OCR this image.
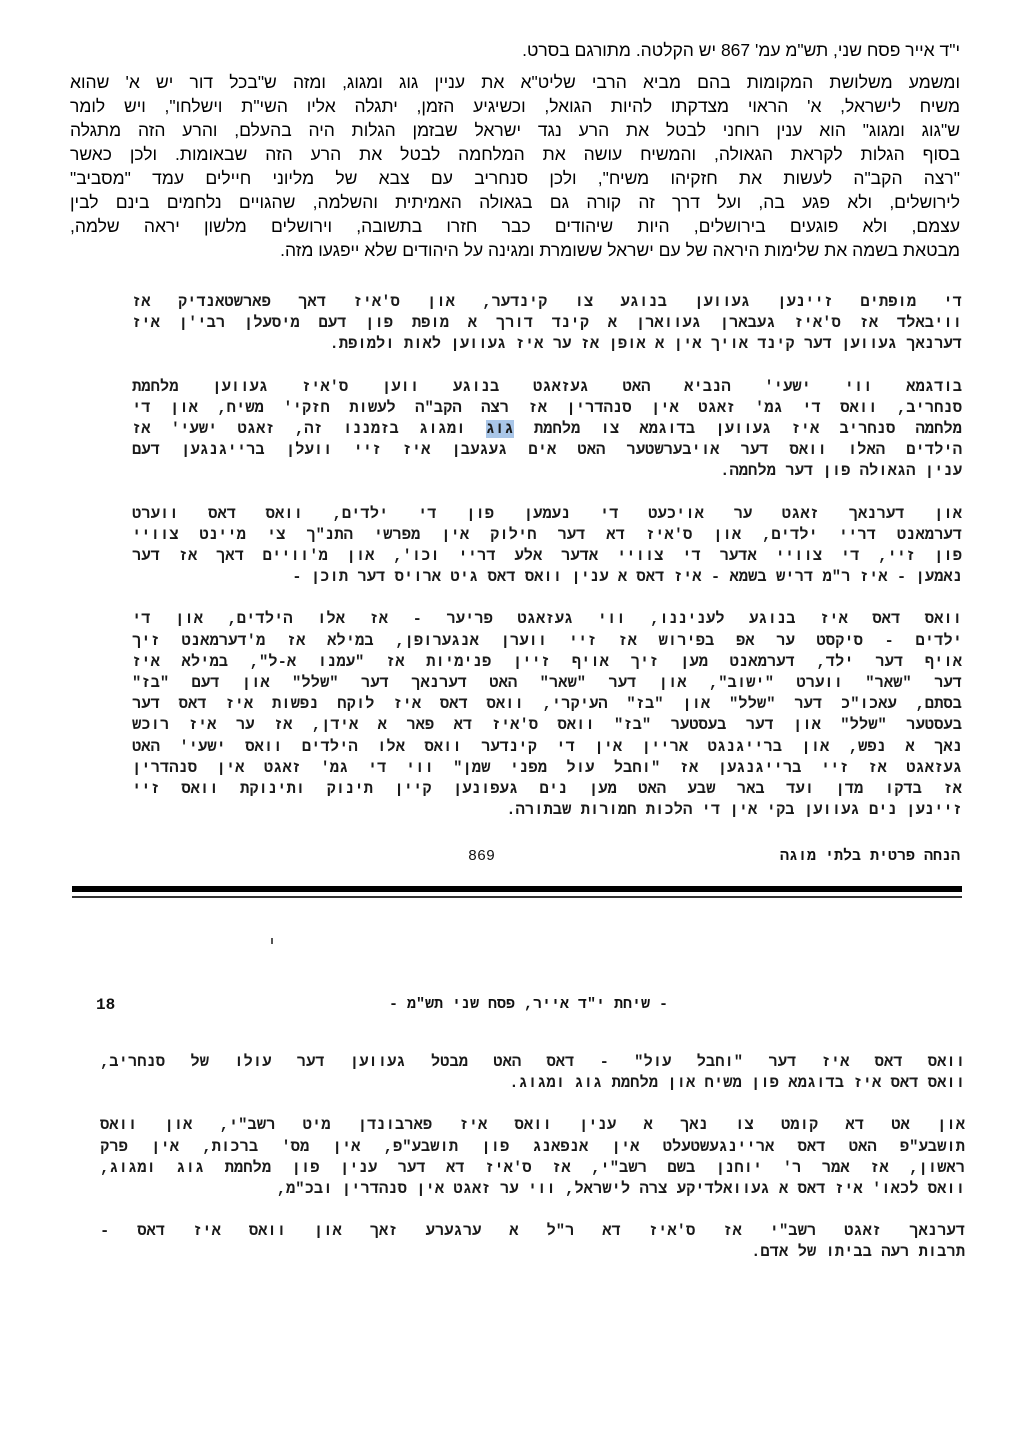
י"ד אייר פסח שני, תש"מ עמ' 867 יש הקלטה. מתורגם בסרט.
ומשמע משלושת המקומות בהם מביא הרבי שליט"א את עניין גוג ומגוג, ומזה ש"בכל דור יש א' שהוא
משיח לישראל, א' הראוי מצדקתו להיות הגואל, וכשיגיע הזמן, יתגלה אליו השי"ת וישלחו", ויש לומר
ש"גוג ומגוג" הוא ענין רוחני לבטל את הרע נגד ישראל שבזמן הגלות היה בהעלם, והרע הזה מתגלה
בסוף הגלות לקראת הגאולה, והמשיח עושה את המלחמה לבטל את הרע הזה שבאומות. ולכן כאשר
"רצה הקב"ה לעשות את חזקיהו משיח", ולכן סנחריב עם צבא של מליוני חיילים עמד "מסביב"
לירושלים, ולא פגע בה, ועל דרך זה קורה גם בגאולה האמיתית והשלמה, שהגויים נלחמים בינם לבין
עצמם, ולא פוגעים בירושלים, היות שיהודים כבר חזרו בתשובה, וירושלים מלשון יראה שלמה,
מבטאת בשמה את שלימות היראה של עם ישראל ששומרת ומגינה על היהודים שלא ייפגעו מזה.
די מופתים זיינען געווען בנוגע צו קינדער, און ס'איז דאך פארשטאנדיק אז
וויבאלד אז ס'איז געבארן געווארן א קינד דורך א מופת פון דעם מיסעלן רבי'ן איז
דערנאך געווען דער קינד אויך אין א אופן אז ער איז געווען לאות ולמופת.
בודגמא ווי ישעי' הנביא האט געזאגט בנוגע ווען ס'איז געווען מלחמת
סנחריב, וואס די גמ' זאגט אין סנהדרין אז רצה הקב"ה לעשות חזקי' משיח, און די
מלחמה סנחריב איז געווען בדוגמא צו מלחמת גוג ומגוג בזמננו זה, זאגט ישעי' אז
הילדים האלו וואס דער אויבערשטער האט אים געגעבן איז זיי וועלן ברייגנגען דעם
ענין הגאולה פון דער מלחמה.
און דערנאך זאגט ער אויכעט די נעמען פון די ילדים, וואס דאס ווערט
דערמאנט דריי ילדים, און ס'איז דא דער חילוק אין מפרשי התנ"ך צי מיינט צוויי
פון זיי, די צוויי אדער די צוויי אדער אלע דריי וכו', און מ'וויים דאך אז דער
נאמען - איז ר"מ דריש בשמא - איז דאס א ענין וואס דאס גיט ארויס דער תוכן -
וואס דאס איז בנוגע לעניננו, ווי געזאגט פריער - אז אלו הילדים, און די
ילדים - סיקסט ער אפ בפירוש אז זיי ווערן אנגערופן, במילא אז מ'דערמאנט זיך
אויף דער ילד, דערמאנט מען זיך אויף זיין פנימיות אז "עמנו א-ל", במילא איז
דער "שאר" ווערט "ישוב", און דער "שאר" האט דערנאך דער "שלל" און דעם "בז"
בסתם, עאכו"כ דער "שלל" און "בז" העיקרי, וואס דאס איז לוקח נפשות איז דאס דער
בעסטער "שלל" און דער בעסטער "בז" וואס ס'איז דא פאר א אידן, אז ער איז רוכש
נאך א נפש, און ברייגנגט אריין אין די קינדער וואס אלו הילדים וואס ישעי' האט
געזאגט אז זיי ברייגנגען אז "וחבל עול מפני שמן" ווי די גמ' זאגט אין סנהדרין
אז בדקו מדן ועד באר שבע האט מען נים געפונען קיין תינוק ותינוקת וואס זיי
זיינען נים געווען בקי אין די הלכות חמורות שבתורה.
הנחה פרטית בלתי מוגה
869
18	- שיחת י"ד אייר, פסח שני תש"מ -
וואס דאס איז דער "וחבל עול" - דאס האט מבטל געווען דער עולו של סנחריב,
וואס דאס איז בדוגמא פון משיח און מלחמת גוג ומגוג.
און אט דא קומט צו נאך א ענין וואס איז פארבונדן מיט רשב"י, און וואס
תושבע"פ האט דאס אריינגעשטעלט אין אנפאנג פון תושבע"פ, אין מס' ברכות, אין פרק
ראשון, אז אמר ר' יוחנן בשם רשב"י, אז ס'איז דא דער ענין פון מלחמת גוג ומגוג,
וואס לכאו' איז דאס א געוואלדיקע צרה לישראל, ווי ער זאגט אין סנהדרין ובכ"מ,
דערנאך זאגט רשב"י אז ס'איז דא ר"ל א ערגערע זאך און וואס איז דאס -
תרבות רעה בביתו של אדם.
